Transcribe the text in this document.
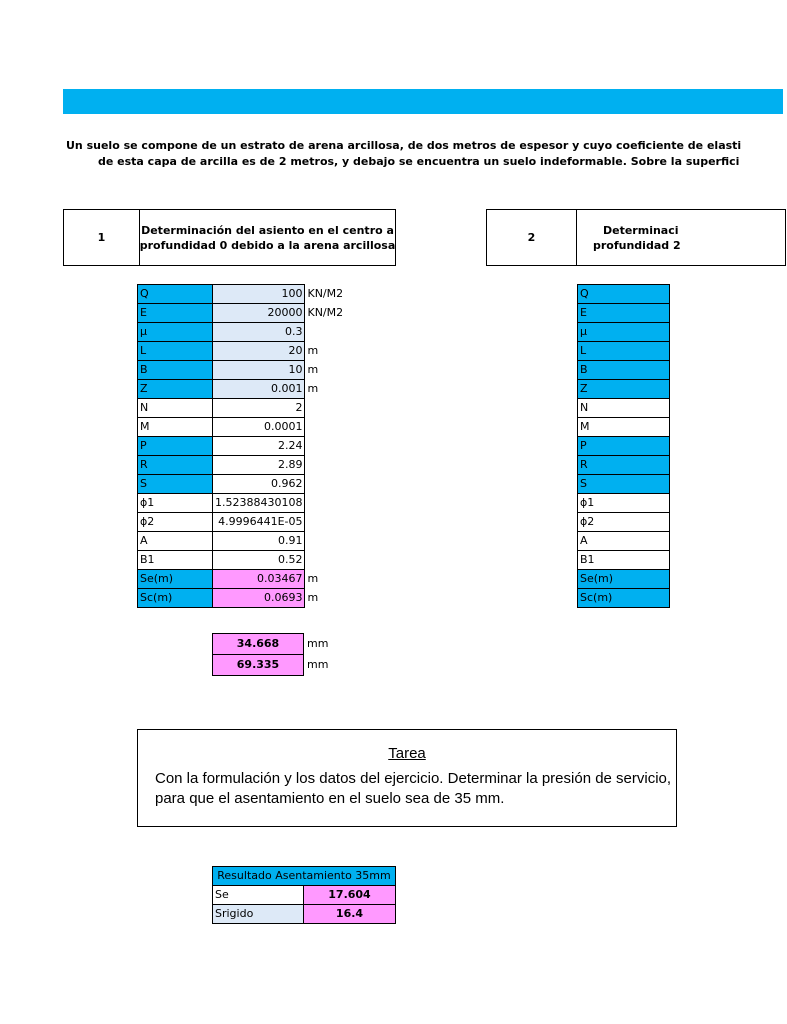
Un suelo se compone de un estrato de arena arcillosa, de dos metros de espesor y cuyo coeficiente de elasti
de esta capa de arcilla es de 2 metros, y debajo se encuentra un suelo indeformable. Sobre la superfici
1
Determinación del asiento en el centro a
profundidad 0 debido a la arena arcillosa
2
Determinaci
profundidad 2
Q	100	KN/M2
E	20000	KN/M2
µ	0.3	
L	20	m
B	10	m
Z	0.001	m
N	2	
M	0.0001	
P	2.24	
R	2.89	
S	0.962	
ϕ1	1.52388430108	
ϕ2	4.9996441E-05	
A	0.91	
B1	0.52	
Se(m)	0.03467	m
Sc(m)	0.0693	m
Q
E
µ
L
B
Z
N
M
P
R
S
ϕ1
ϕ2
A
B1
Se(m)
Sc(m)
34.668	mm
69.335	mm
Tarea
Con la formulación y los datos del ejercicio. Determinar la presión de servicio, para que el asentamiento en el suelo sea de 35 mm.
Resultado Asentamiento 35mm	
Se	17.604
Srigido	16.4
